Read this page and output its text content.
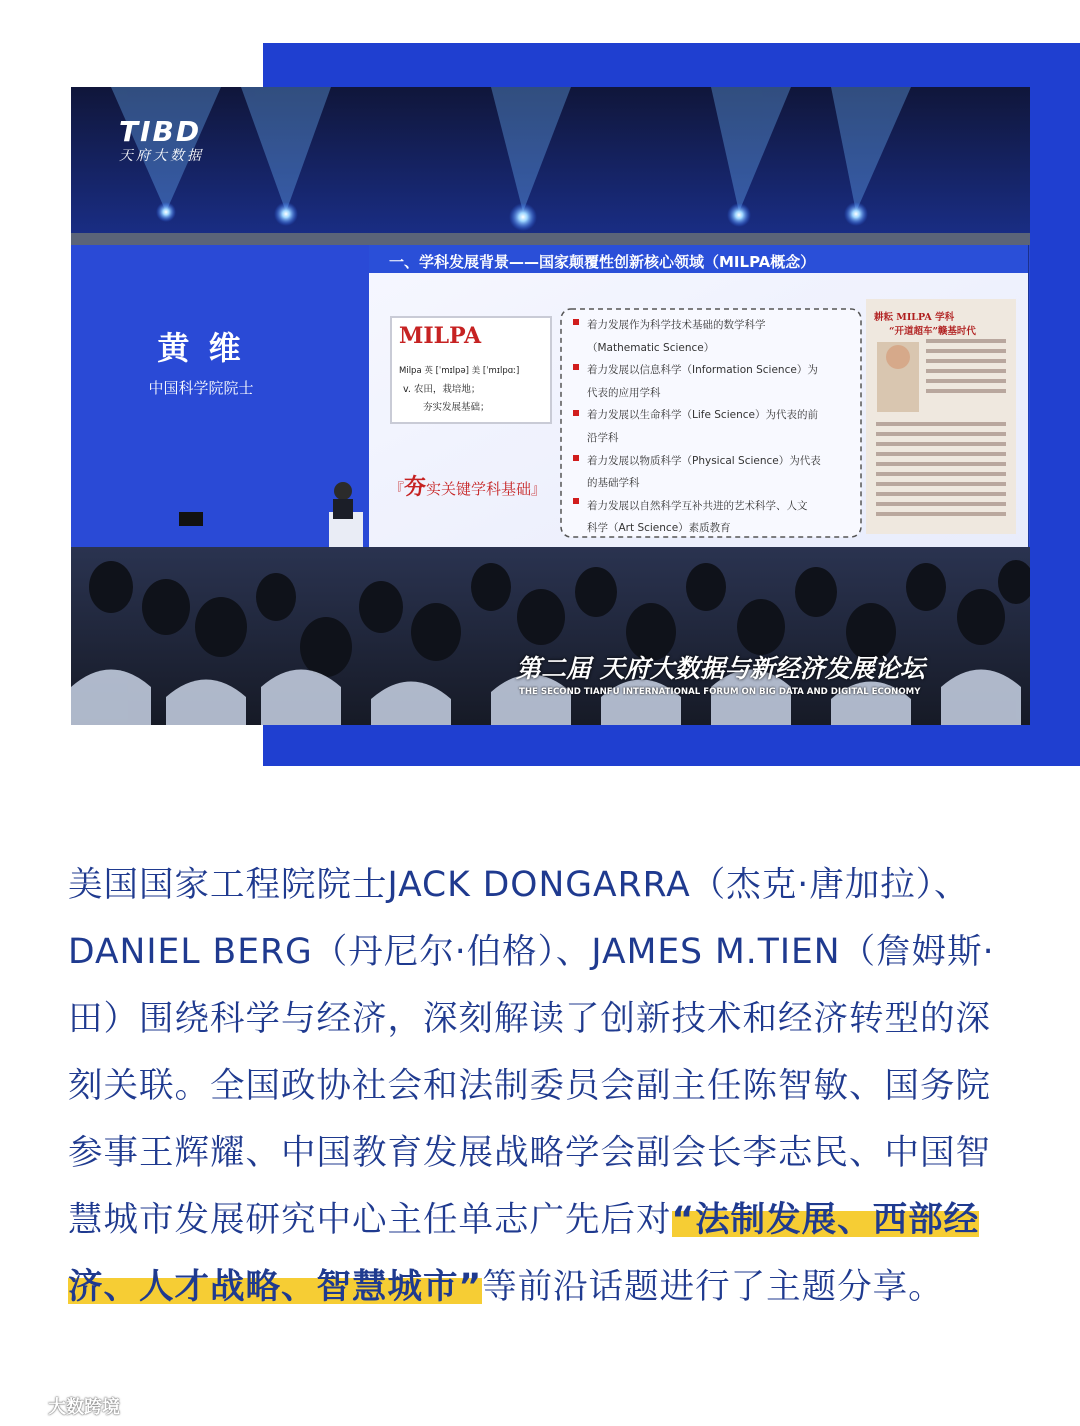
TIBD
天府大数据
黄 维
中国科学院院士
一、学科发展背景——国家颠覆性创新核心领域（MILPA概念）
MILPA
Milpa 英 [ˈmɪlpə] 美 [ˈmɪlpɑː]
v. 农田，栽培地；
夯实发展基础；
『夯实关键学科基础』
着力发展作为科学技术基础的数学科学
（Mathematic Science）
着力发展以信息科学（Information Science）为
代表的应用学科
着力发展以生命科学（Life Science）为代表的前
沿学科
着力发展以物质科学（Physical Science）为代表
的基础学科
着力发展以自然科学互补共进的艺术科学、人文
科学（Art Science）素质教育
耕耘 MILPA 学科
“开道超车”赣基时代
第二届 天府大数据与新经济发展论坛
THE SECOND TIANFU INTERNATIONAL FORUM ON BIG DATA AND DIGITAL ECONOMY

美国国家工程院院士JACK DONGARRA（杰克·唐加拉）、DANIEL BERG（丹尼尔·伯格）、JAMES M.TIEN（詹姆斯·田）围绕科学与经济，深刻解读了创新技术和经济转型的深刻关联。全国政协社会和法制委员会副主任陈智敏、国务院参事王辉耀、中国教育发展战略学会副会长李志民、中国智慧城市发展研究中心主任单志广先后对“法制发展、西部经济、人才战略、智慧城市”等前沿话题进行了主题分享。

大数跨境
